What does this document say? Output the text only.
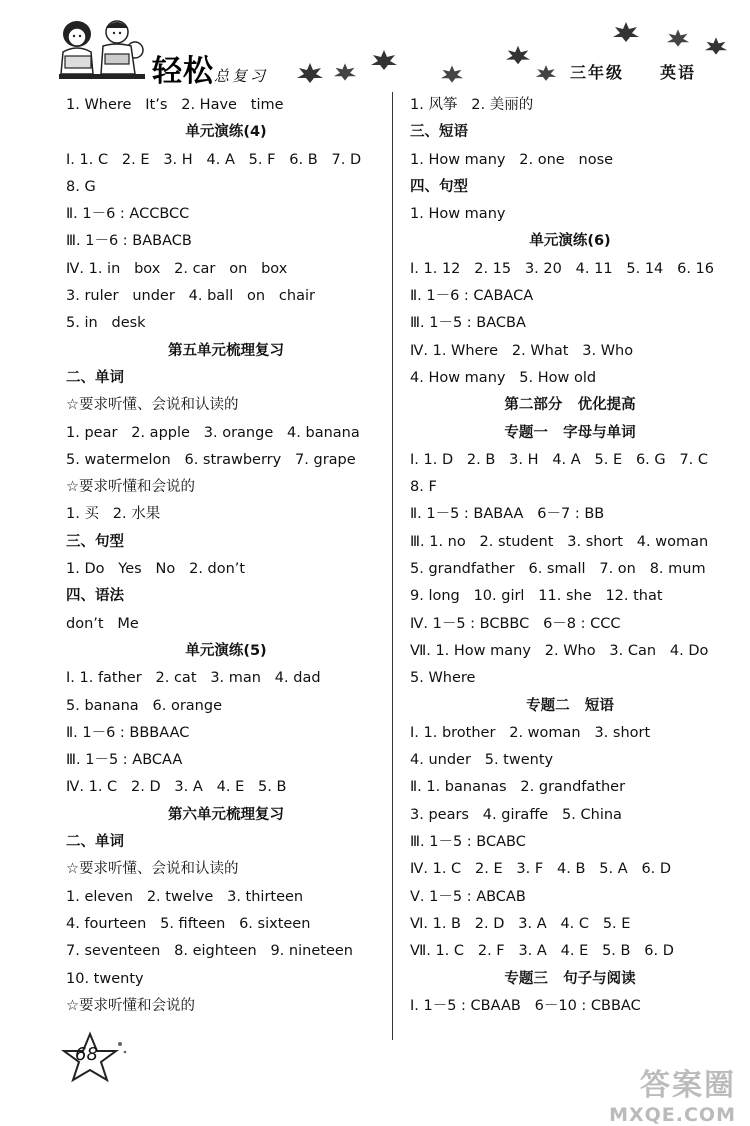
轻松总复习	三年级 英语
1. Where   It’s   2. Have   time
单元演练(4)
Ⅰ. 1. C   2. E   3. H   4. A   5. F   6. B   7. D
8. G
Ⅱ. 1－6 : ACCBCC
Ⅲ. 1－6 : BABACB
Ⅳ. 1. in   box   2. car   on   box
3. ruler   under   4. ball   on   chair
5. in   desk
第五单元梳理复习
二、单词
☆要求听懂、会说和认读的
1. pear   2. apple   3. orange   4. banana
5. watermelon   6. strawberry   7. grape
☆要求听懂和会说的
1. 买   2. 水果
三、句型
1. Do   Yes   No   2. don’t
四、语法
don’t   Me
单元演练(5)
Ⅰ. 1. father   2. cat   3. man   4. dad
5. banana   6. orange
Ⅱ. 1－6 : BBBAAC
Ⅲ. 1－5 : ABCAA
Ⅳ. 1. C   2. D   3. A   4. E   5. B
第六单元梳理复习
二、单词
☆要求听懂、会说和认读的
1. eleven   2. twelve   3. thirteen
4. fourteen   5. fifteen   6. sixteen
7. seventeen   8. eighteen   9. nineteen
10. twenty
☆要求听懂和会说的
1. 风筝   2. 美丽的
三、短语
1. How many   2. one   nose
四、句型
1. How many
单元演练(6)
Ⅰ. 1. 12   2. 15   3. 20   4. 11   5. 14   6. 16
Ⅱ. 1－6 : CABACA
Ⅲ. 1－5 : BACBA
Ⅳ. 1. Where   2. What   3. Who
4. How many   5. How old
第二部分   优化提高
专题一   字母与单词
Ⅰ. 1. D   2. B   3. H   4. A   5. E   6. G   7. C
8. F
Ⅱ. 1－5 : BABAA   6－7 : BB
Ⅲ. 1. no   2. student   3. short   4. woman
5. grandfather   6. small   7. on   8. mum
9. long   10. girl   11. she   12. that
Ⅳ. 1－5 : BCBBC   6－8 : CCC
Ⅶ. 1. How many   2. Who   3. Can   4. Do
5. Where
专题二   短语
Ⅰ. 1. brother   2. woman   3. short
4. under   5. twenty
Ⅱ. 1. bananas   2. grandfather
3. pears   4. giraffe   5. China
Ⅲ. 1－5 : BCABC
Ⅳ. 1. C   2. E   3. F   4. B   5. A   6. D
Ⅴ. 1－5 : ABCAB
Ⅵ. 1. B   2. D   3. A   4. C   5. E
Ⅶ. 1. C   2. F   3. A   4. E   5. B   6. D
专题三   句子与阅读
Ⅰ. 1－5 : CBAAB   6－10 : CBBAC
68
答案圈
MXQE.COM
